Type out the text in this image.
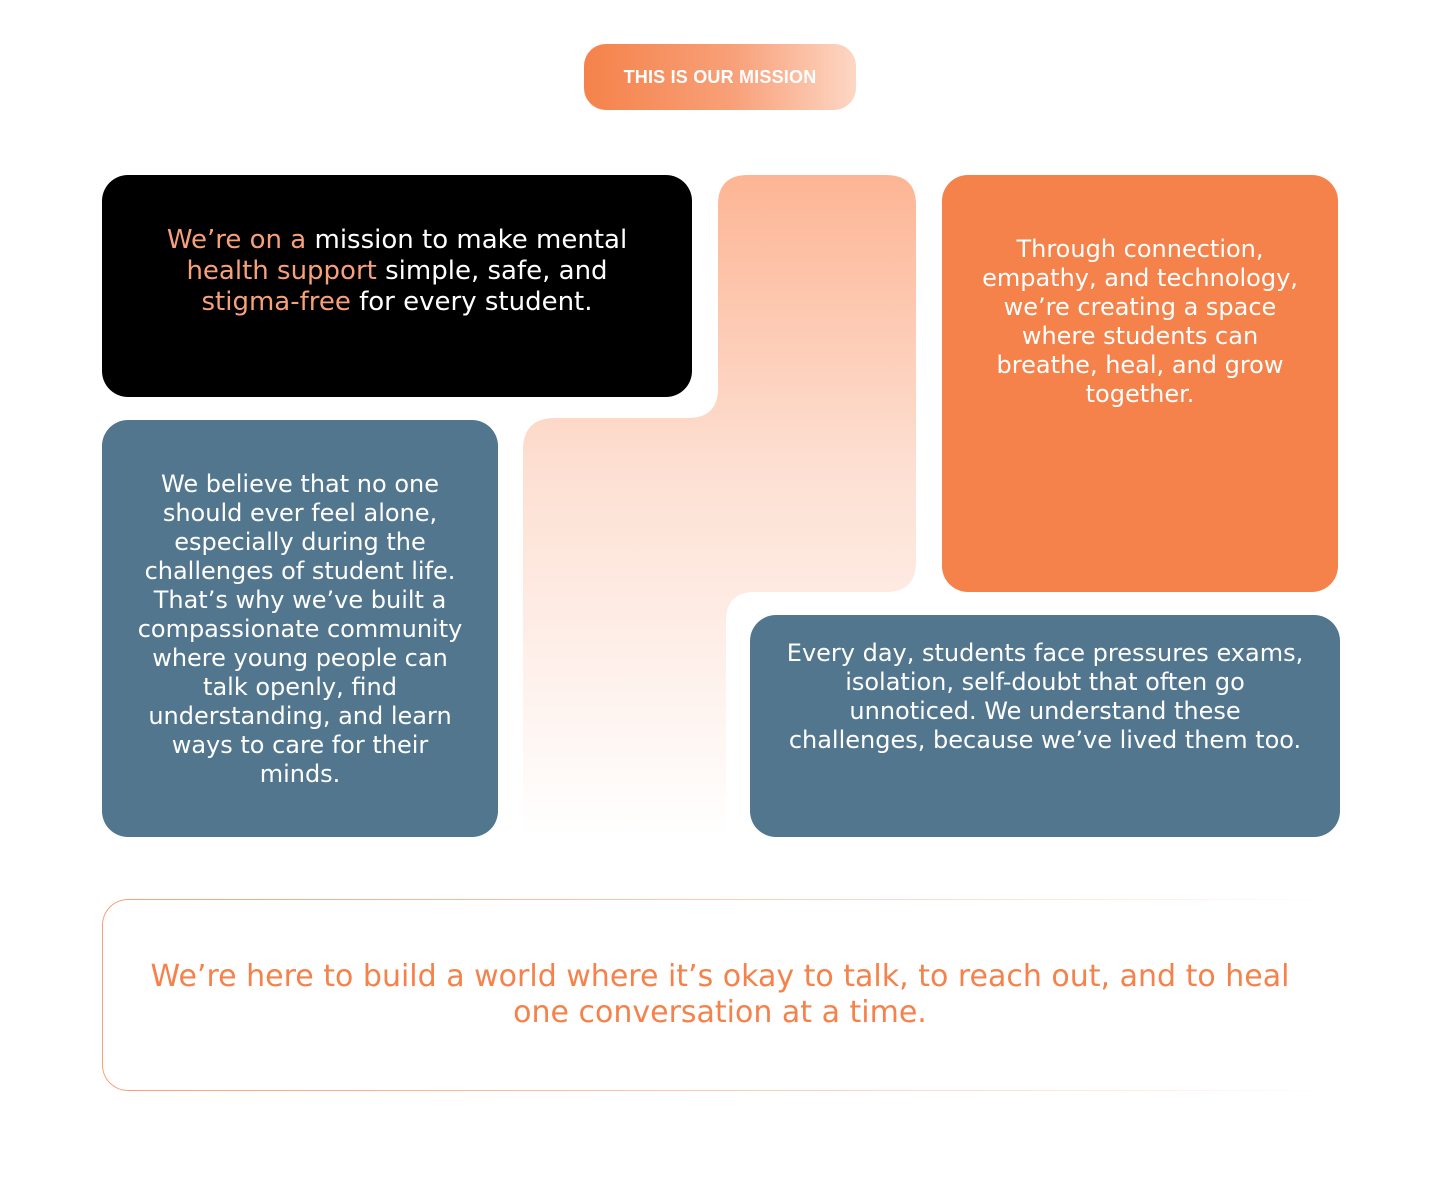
THIS IS OUR MISSION

We’re on a mission to make mental health support simple, safe, and stigma-free for every student.

Through connection, empathy, and technology, we’re creating a space where students can breathe, heal, and grow together.

We believe that no one should ever feel alone, especially during the challenges of student life. That’s why we’ve built a compassionate community where young people can talk openly, find understanding, and learn ways to care for their minds.

Every day, students face pressures exams, isolation, self-doubt that often go unnoticed. We understand these challenges, because we’ve lived them too.

We’re here to build a world where it’s okay to talk, to reach out, and to heal one conversation at a time.
